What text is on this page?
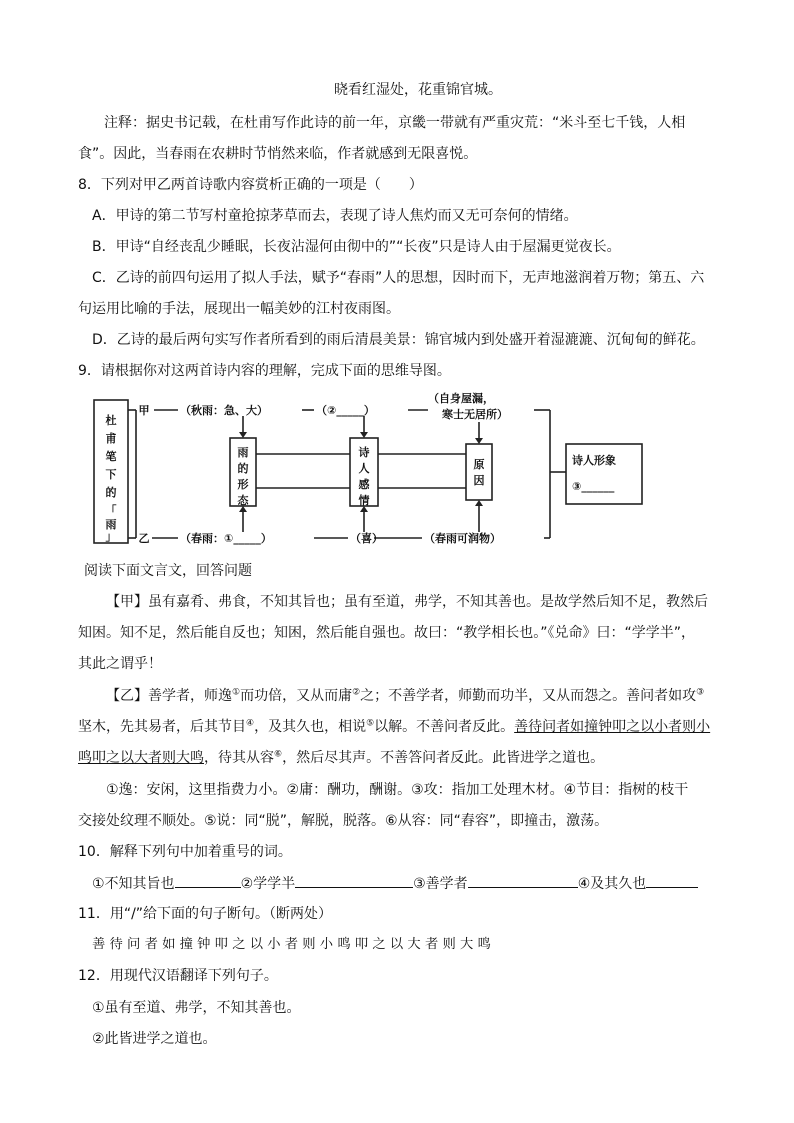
晓看红湿处，花重锦官城。
注释：据史书记载，在杜甫写作此诗的前一年，京畿一带就有严重灾荒：“米斗至七千钱，人相
食”。因此，当春雨在农耕时节悄然来临，作者就感到无限喜悦。
8．下列对甲乙两首诗歌内容赏析正确的一项是（　　）
A．甲诗的第二节写村童抢掠茅草而去，表现了诗人焦灼而又无可奈何的情绪。
B．甲诗“自经丧乱少睡眠，长夜沾湿何由彻中的”“长夜”只是诗人由于屋漏更觉夜长。
C．乙诗的前四句运用了拟人手法，赋予“春雨”人的思想，因时而下，无声地滋润着万物；第五、六
句运用比喻的手法，展现出一幅美妙的江村夜雨图。
D．乙诗的最后两句实写作者所看到的雨后清晨美景：锦官城内到处盛开着湿漉漉、沉甸甸的鲜花。
9．请根据你对这两首诗内容的理解，完成下面的思维导图。
杜
甫
笔
下
的
「
雨
」
甲
乙
（秋雨：急、大）	（②_____）
（自身屋漏，
寒士无居所）
（春雨：①_____）	（喜）	（春雨可润物）
雨
的
形
态
诗
人
感
情
原
因
诗人形象
③______
阅读下面文言文，回答问题
【甲】虽有嘉肴、弗食，不知其旨也；虽有至道，弗学，不知其善也。是故学然后知不足，教然后
知困。知不足，然后能自反也；知困，然后能自强也。故曰：“教学相长也。”《兑命》曰：“学学半”，
其此之谓乎！
【乙】善学者，师逸①而功倍，又从而庸②之；不善学者，师勤而功半，又从而怨之。善问者如攻③
坚木，先其易者，后其节目④，及其久也，相说⑤以解。不善问者反此。善待问者如撞钟叩之以小者则小
鸣叩之以大者则大鸣，待其从容⑥，然后尽其声。不善答问者反此。此皆进学之道也。
①逸：安闲，这里指费力小。②庸：酬功，酬谢。③攻：指加工处理木材。④节目：指树的枝干
交接处纹理不顺处。⑤说：同“脱”，解脱，脱落。⑥从容：同“舂容”，即撞击，激荡。
10．解释下列句中加着重号的词。
①不知其旨也	②学学半	③善学者	④及其久也
11．用“/”给下面的句子断句。（断两处）
善 待 问 者 如 撞 钟 叩 之 以 小 者 则 小 鸣 叩 之 以 大 者 则 大 鸣
12．用现代汉语翻译下列句子。
①虽有至道、弗学，不知其善也。
②此皆进学之道也。
